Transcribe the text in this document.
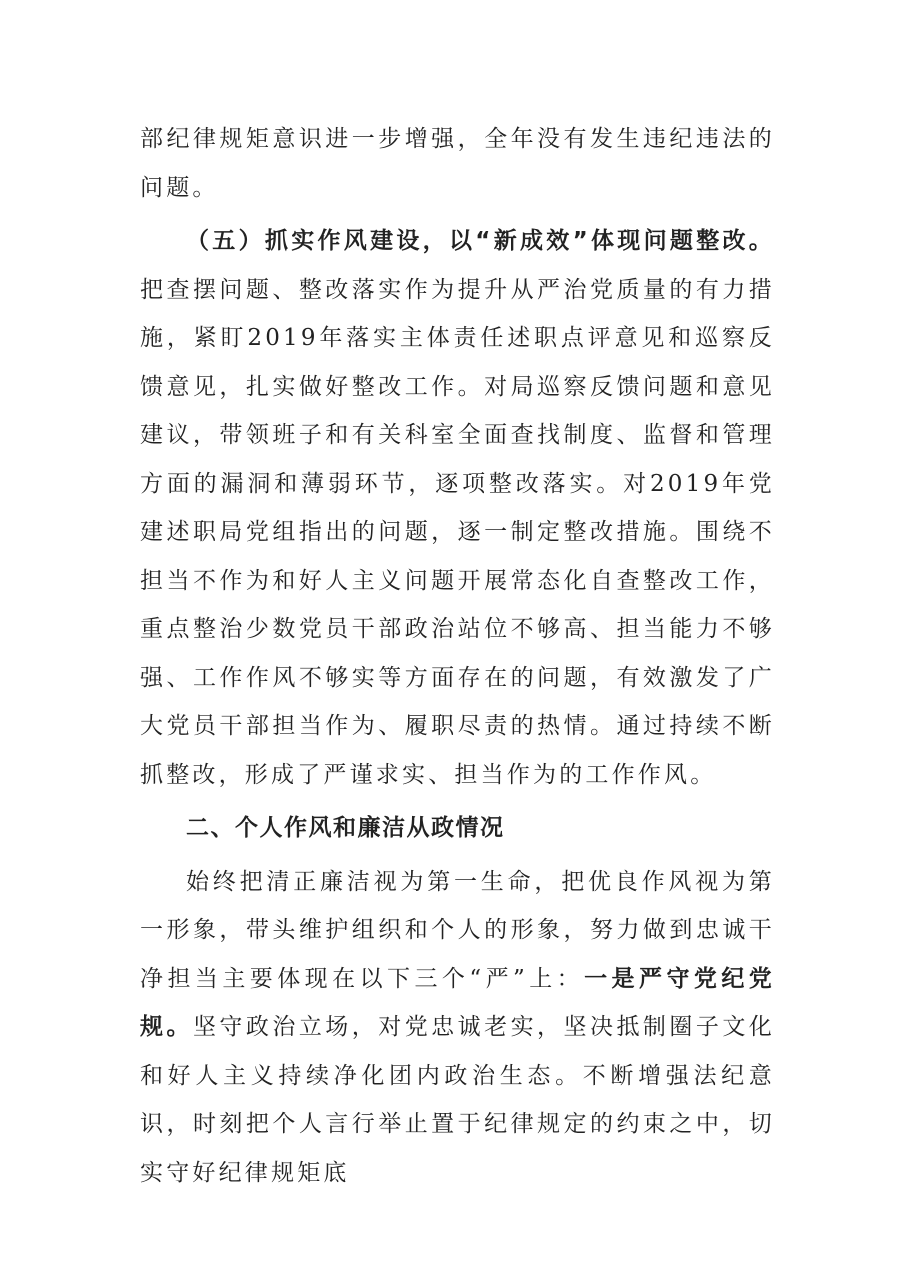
部纪律规矩意识进一步增强，全年没有发生违纪违法的问题。

（五）抓实作风建设，以“新成效”体现问题整改。把查摆问题、整改落实作为提升从严治党质量的有力措施，紧盯2019年落实主体责任述职点评意见和巡察反馈意见，扎实做好整改工作。对局巡察反馈问题和意见建议，带领班子和有关科室全面查找制度、监督和管理方面的漏洞和薄弱环节，逐项整改落实。对2019年党建述职局党组指出的问题，逐一制定整改措施。围绕不担当不作为和好人主义问题开展常态化自查整改工作，重点整治少数党员干部政治站位不够高、担当能力不够强、工作作风不够实等方面存在的问题，有效激发了广大党员干部担当作为、履职尽责的热情。通过持续不断抓整改，形成了严谨求实、担当作为的工作作风。

二、个人作风和廉洁从政情况

始终把清正廉洁视为第一生命，把优良作风视为第一形象，带头维护组织和个人的形象，努力做到忠诚干净担当主要体现在以下三个“严”上：一是严守党纪党规。坚守政治立场，对党忠诚老实，坚决抵制圈子文化和好人主义持续净化团内政治生态。不断增强法纪意识，时刻把个人言行举止置于纪律规定的约束之中，切实守好纪律规矩底
